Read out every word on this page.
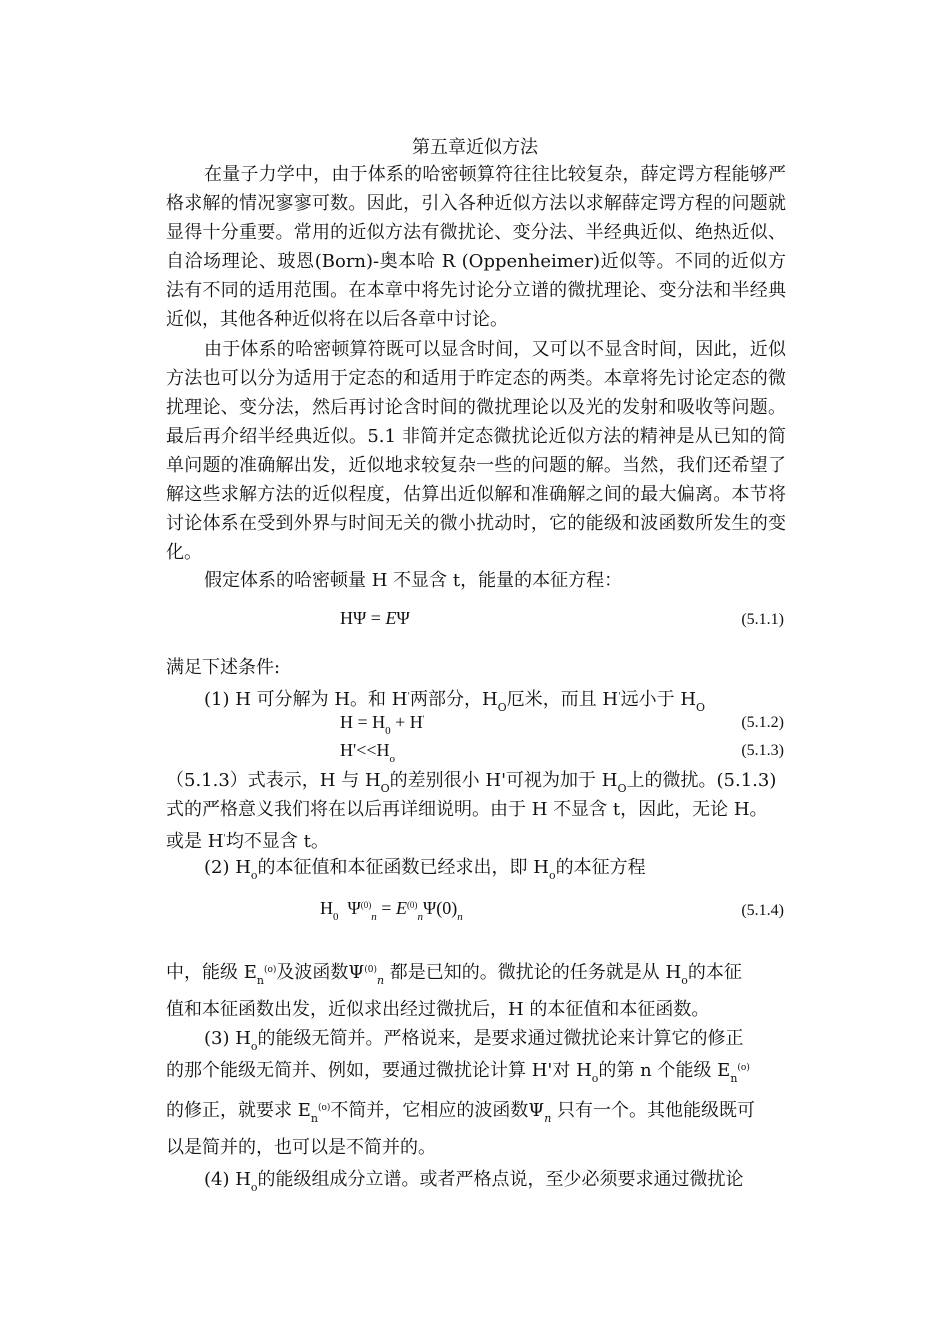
第五章近似方法

在量子力学中，由于体系的哈密顿算符往往比较复杂，薛定谔方程能够严格求解的情况寥寥可数。因此，引入各种近似方法以求解薛定谔方程的问题就显得十分重要。常用的近似方法有微扰论、变分法、半经典近似、绝热近似、自洽场理论、玻恩(Born)-奥本哈 R (Oppenheimer)近似等。不同的近似方法有不同的适用范围。在本章中将先讨论分立谱的微扰理论、变分法和半经典近似，其他各种近似将在以后各章中讨论。

由于体系的哈密顿算符既可以显含时间，又可以不显含时间，因此，近似方法也可以分为适用于定态的和适用于昨定态的两类。本章将先讨论定态的微扰理论、变分法，然后再讨论含时间的微扰理论以及光的发射和吸收等问题。最后再介绍半经典近似。5.1 非简并定态微扰论近似方法的精神是从已知的简单问题的准确解出发，近似地求较复杂一些的问题的解。当然，我们还希望了解这些求解方法的近似程度，估算出近似解和准确解之间的最大偏离。本节将讨论体系在受到外界与时间无关的微小扰动时，它的能级和波函数所发生的变化。

假定体系的哈密顿量 H 不显含 t，能量的本征方程：

HΨ = EΨ	(5.1.1)
满足下述条件:
(1) H 可分解为 H。和 H'两部分，$H_O$厄米，而且 H'远小于 $H_O$
$H = H_0 + H'$	(5.1.2)
$H'<<H_o$	(5.1.3)
（5.1.3）式表示，H 与 $H_O$的差别很小 H'可视为加于 $H_O$上的微扰。(5.1.3)
式的严格意义我们将在以后再详细说明。由于 H 不显含 t，因此，无论 H。
或是 H'均不显含 t。
(2) $H_o$的本征值和本征函数已经求出，即 $H_o$的本征方程
$H_0$ $\Psi^{(0)}_n = E^{(0)}_n\Psi(0)_n$	(5.1.4)
中，能级 $E_n^{(o)}$及波函数$\Psi^{(0)}_n$ 都是已知的。微扰论的任务就是从 $H_o$的本征
值和本征函数出发，近似求出经过微扰后，H 的本征值和本征函数。
(3) $H_o$的能级无简并。严格说来，是要求通过微扰论来计算它的修正
的那个能级无简并、例如，要通过微扰论计算 H'对 $H_o$的第 n 个能级 $E_n^{(o)}$
的修正，就要求 $E_n^{(o)}$不简并，它相应的波函数$\Psi_n$ 只有一个。其他能级既可
以是简并的，也可以是不简并的。
(4) $H_o$的能级组成分立谱。或者严格点说，至少必须要求通过微扰论
